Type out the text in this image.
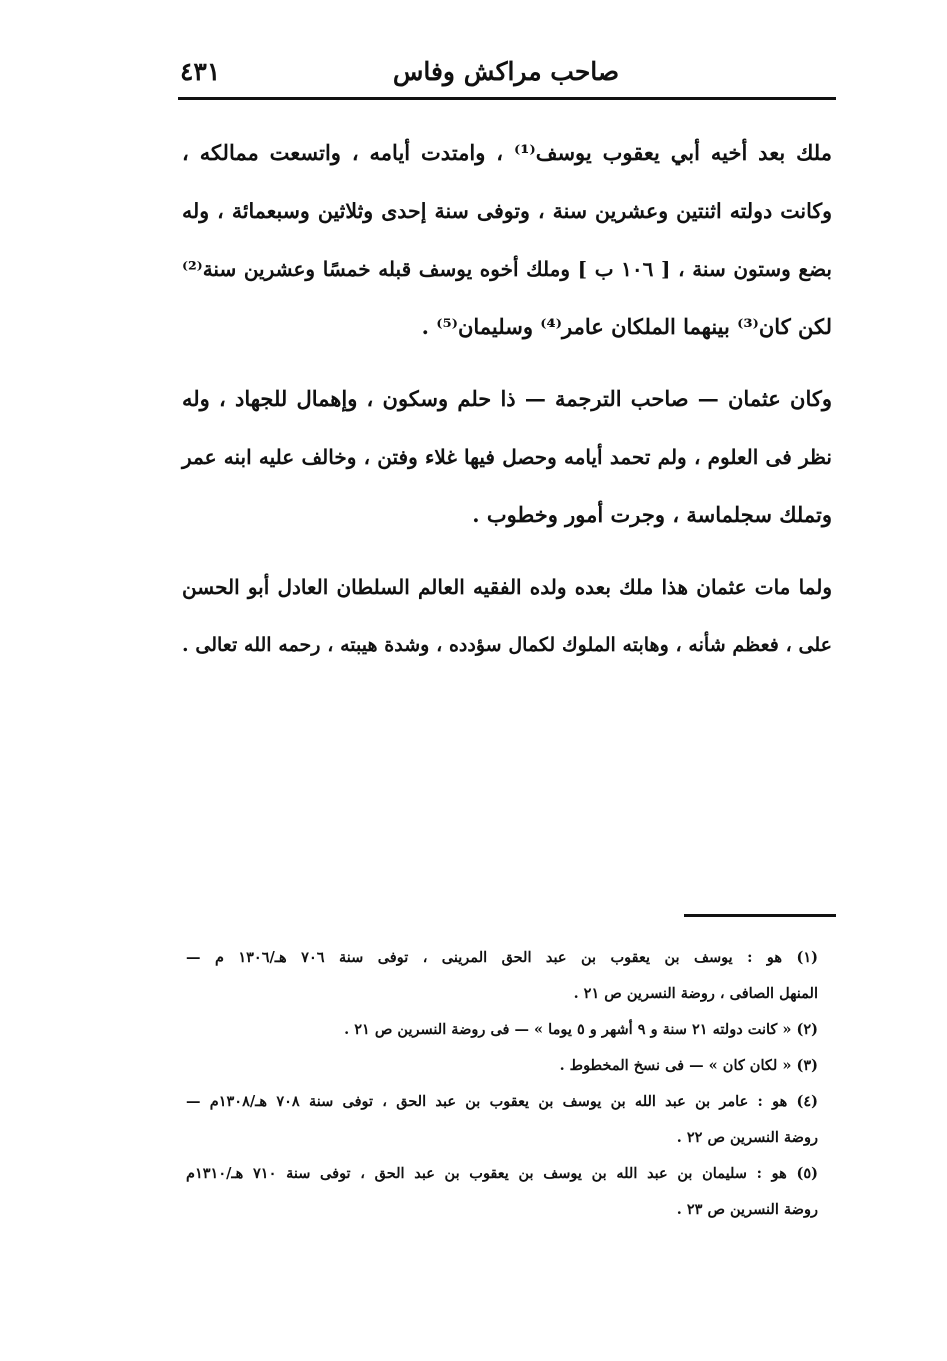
صاحب مراكش وفاس
٤٣١
ملك بعد أخيه أبي يعقوب يوسف⁽¹⁾ ، وامتدت أيامه ، واتسعت ممالكه ،
وكانت دولته اثنتين وعشرين سنة ، وتوفى سنة إحدى وثلاثين وسبعمائة ، وله
بضع وستون سنة ، [ ١٠٦ ب ] وملك أخوه يوسف قبله خمسًا وعشرين سنة⁽²⁾
لكن كان⁽³⁾ بينهما الملكان عامر⁽⁴⁾ وسليمان⁽⁵⁾ .
وكان عثمان — صاحب الترجمة — ذا حلم وسكون ، وإهمال للجهاد ، وله
نظر فى العلوم ، ولم تحمد أيامه وحصل فيها غلاء وفتن ، وخالف عليه ابنه عمر
وتملك سجلماسة ، وجرت أمور وخطوب .
ولما مات عثمان هذا ملك بعده ولده الفقيه العالم السلطان العادل أبو الحسن
على ، فعظم شأنه ، وهابته الملوك لكمال سؤدده ، وشدة هيبته ، رحمه الله تعالى .
(١) هو : يوسف بن يعقوب بن عبد الحق المرينى ، توفى سنة ٧٠٦ هـ/١٣٠٦ م —
المنهل الصافى ، روضة النسرين ص ٢١ .
(٢) « كانت دولته ٢١ سنة و ٩ أشهر و ٥ يوما » — فى روضة النسرين ص ٢١ .
(٣) « لكان كان » — فى نسخ المخطوط .
(٤) هو : عامر بن عبد الله بن يوسف بن يعقوب بن عبد الحق ، توفى سنة ٧٠٨ هـ/١٣٠٨م —
روضة النسرين ص ٢٢ .
(٥) هو : سليمان بن عبد الله بن يوسف بن يعقوب بن عبد الحق ، توفى سنة ٧١٠ هـ/١٣١٠م
روضة النسرين ص ٢٣ .
